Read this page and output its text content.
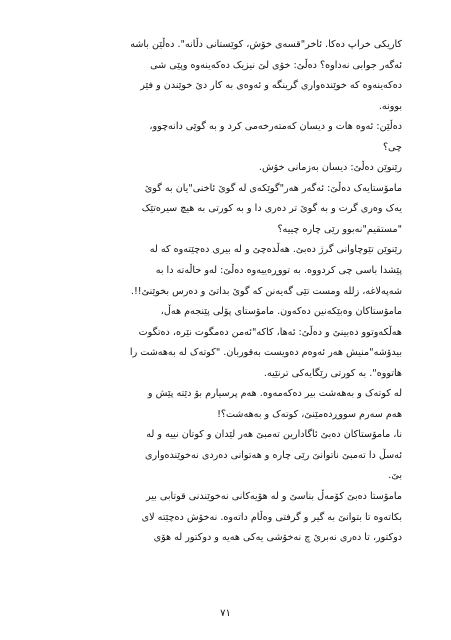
کاریکی خراپ دەکا. ئاخر"قسەی خۆش، کوێستانی دڵانە". دەڵێن باشە
ئەگەر جوابی نەداوە؟ دەڵێ: خۆی لێ نیزیک دەکەینەوە وپێی شی
دەکەینەوە کە خوێندەواری گرینگە و ئەوەی بە کار دێ خوێندن و فێر
بوونە.
دەڵێن: ئەوە هات و دیسان کەمتەرخەمی کرد و بە گوێی دانەچوو،
چی؟
رێنوێن دەڵێ: دیسان بەزمانی خۆش.
مامۆستایەک دەڵێ: ئەگەر هەر"گوێکەی لە گوێ ئاخنی"یان بە گوێ
یەک وەری گرت و بە گوێ تر دەری دا و بە کورتی بە هیچ سیرەتێک
"مستقیم"نەبوو رێی چارە چییە؟
رێنوێن تێوچاوانی گرژ دەبێ. هەڵدەچێ و لە بیری دەچێتەوە کە لە
پێشدا باسی چی کردووە. بە تووڕەییەوە دەڵێ: لەو حاڵەتە دا بە
شەپەلاغە، زللە ومست تێی گەیەنن کە گوێ بداتێ و دەرس بخوێنێ!!.
مامۆستاکان وەبێکەنین دەکەون. مامۆستای پۆلی پێنجەم هەڵ،
هەڵکەوتوو دەبینێ و دەڵێ: ئەها، کاکە"ئەمن دەمگوت نێرە، دەتگوت
بیدۆشە"منیش هەر ئەوەم دەویست بەقوربان. "کوتەک لە بەهەشت را
هاتووە". بە کورتی رێگایەکی ترنێیە.
لە کوتەک و بەهەشت بیر دەکەمەوە. هەم پرسیارم بۆ دێتە پێش و
هەم سەرم سووڕدەمێنێ، کوتەک و بەهەشت؟!
نا، مامۆستاکان دەبێ ئاگادارین تەمبێ هەر لێدان و کوتان نییە و لە
ئەسڵ دا تەمبێ ناتوانێ رێی چارە و هەتوانی دەردی نەخوێندەواری
بێ.
مامۆستا دەبێ کۆمەڵ بناسێ و لە هۆیەکانی نەخوێندنی قوتابی بیر
بکاتەوە تا بتوانێ بە گیر و گرفتی وەڵام داتەوە. نەخۆش دەچێتە لای
دوکتور، تا دەری نەبرێ چ نەخۆشی یەکی هەیە و دوکتور لە هۆی
٧١
